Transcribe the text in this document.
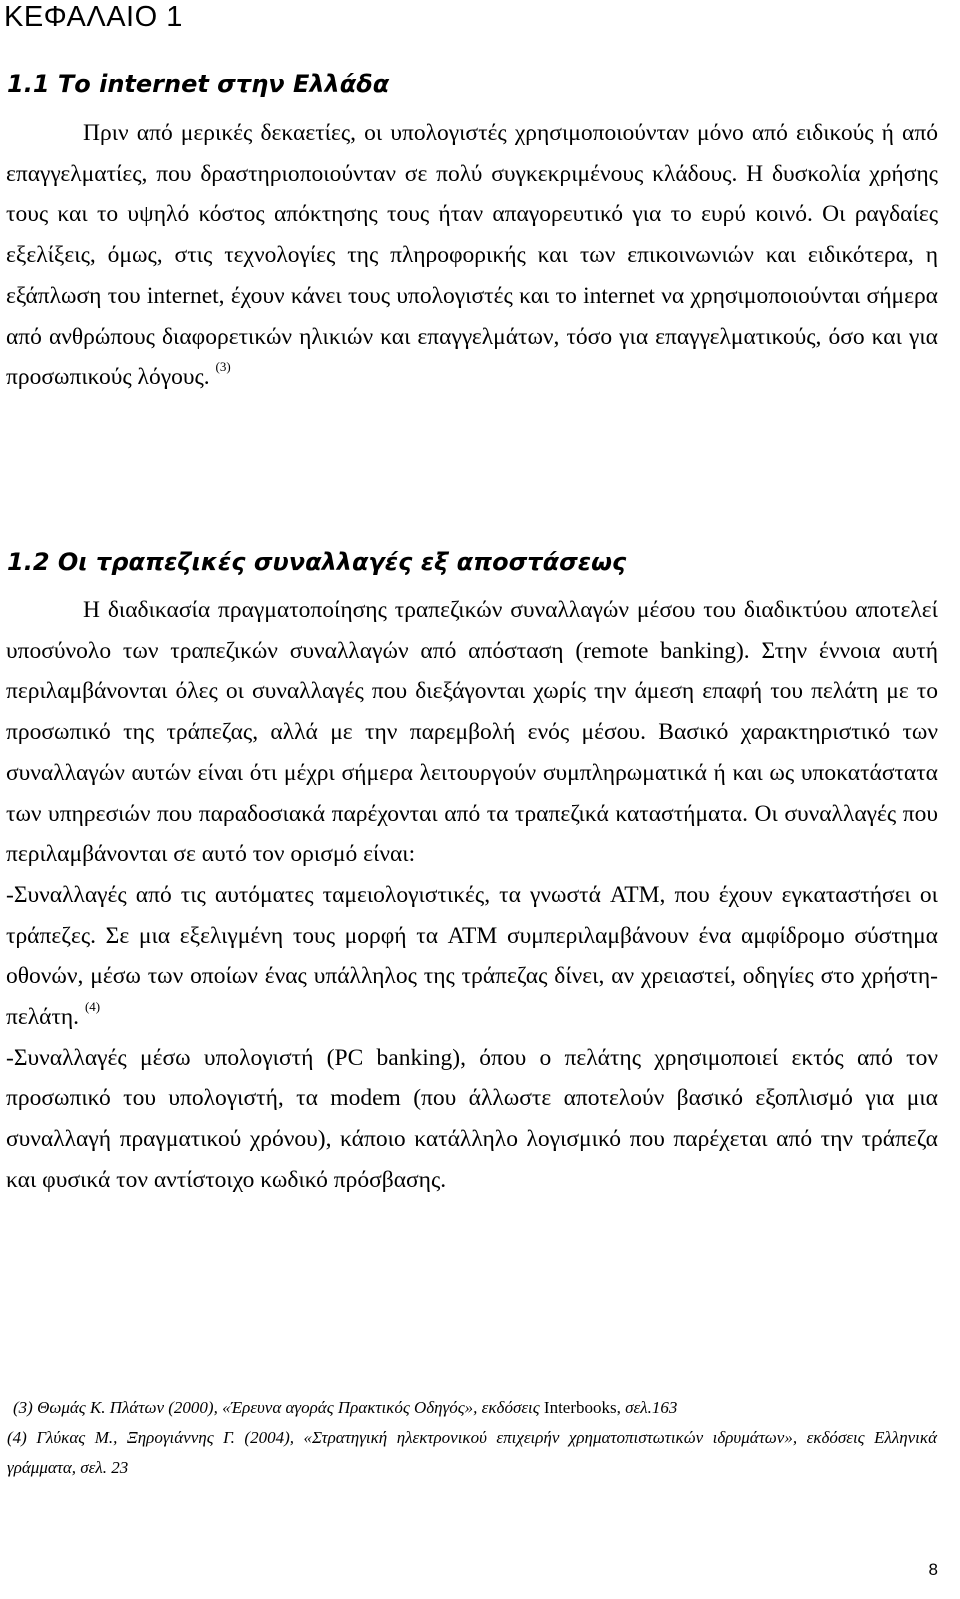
ΚΕΦΑΛΑΙΟ 1
1.1 Το internet στην Ελλάδα

Πριν από μερικές δεκαετίες, οι υπολογιστές χρησιμοποιούνταν μόνο από ειδικούς ή από επαγγελματίες, που δραστηριοποιούνταν σε πολύ συγκεκριμένους κλάδους. Η δυσκολία χρήσης τους και το υψηλό κόστος απόκτησης τους ήταν απαγορευτικό για το ευρύ κοινό. Οι ραγδαίες εξελίξεις, όμως, στις τεχνολογίες της πληροφορικής και των επικοινωνιών και ειδικότερα, η εξάπλωση του internet, έχουν κάνει τους υπολογιστές και το internet να χρησιμοποιούνται σήμερα από ανθρώπους διαφορετικών ηλικιών και επαγγελμάτων, τόσο για επαγγελματικούς, όσο και για προσωπικούς λόγους. $^{(3)}$

1.2 Οι τραπεζικές συναλλαγές εξ αποστάσεως

Η διαδικασία πραγματοποίησης τραπεζικών συναλλαγών μέσου του διαδικτύου αποτελεί υποσύνολο των τραπεζικών συναλλαγών από απόσταση (remote banking). Στην έννοια αυτή περιλαμβάνονται όλες οι συναλλαγές που διεξάγονται χωρίς την άμεση επαφή του πελάτη με το προσωπικό της τράπεζας, αλλά με την παρεμβολή ενός μέσου. Βασικό χαρακτηριστικό των συναλλαγών αυτών είναι ότι μέχρι σήμερα λειτουργούν συμπληρωματικά ή και ως υποκατάστατα των υπηρεσιών που παραδοσιακά παρέχονται από τα τραπεζικά καταστήματα. Οι συναλλαγές που περιλαμβάνονται σε αυτό τον ορισμό είναι:

-Συναλλαγές από τις αυτόματες ταμειολογιστικές, τα γνωστά ATM, που έχουν εγκαταστήσει οι τράπεζες. Σε μια εξελιγμένη τους μορφή τα ATM συμπεριλαμβάνουν ένα αμφίδρομο σύστημα οθονών, μέσω των οποίων ένας υπάλληλος της τράπεζας δίνει, αν χρειαστεί, οδηγίες στο χρήστη-πελάτη. $^{(4)}$

-Συναλλαγές μέσω υπολογιστή (PC banking), όπου ο πελάτης χρησιμοποιεί εκτός από τον προσωπικό του υπολογιστή, τα modem (που άλλωστε αποτελούν βασικό εξοπλισμό για μια συναλλαγή πραγματικού χρόνου), κάποιο κατάλληλο λογισμικό που παρέχεται από την τράπεζα και φυσικά τον αντίστοιχο κωδικό πρόσβασης.

(3) Θωμάς Κ. Πλάτων (2000), «Έρευνα αγοράς Πρακτικός Οδηγός», εκδόσεις Interbooks, σελ.163

(4) Γλύκας Μ., Ξηρογιάννης Γ. (2004), «Στρατηγική ηλεκτρονικού επιχειρήν χρηματοπιστωτικών ιδρυμάτων», εκδόσεις Ελληνικά γράμματα, σελ. 23

8
